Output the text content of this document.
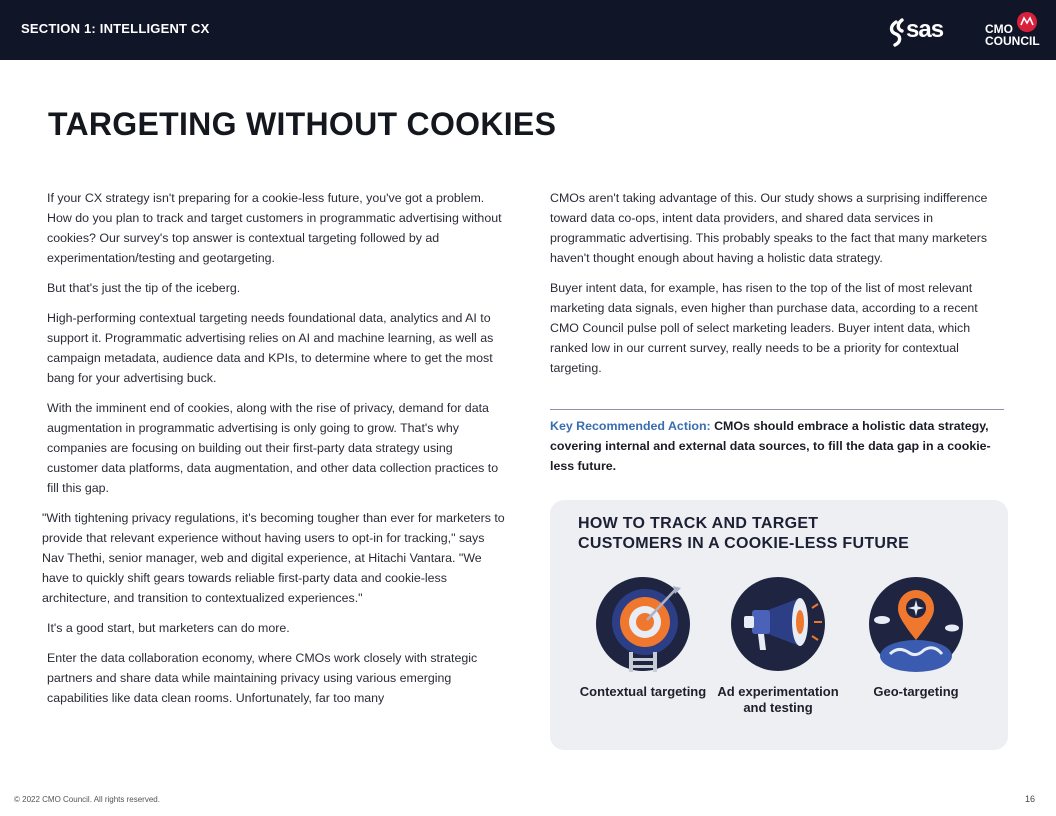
SECTION 1: INTELLIGENT CX	sas	CMO
COUNCIL
TARGETING WITHOUT COOKIES

If your CX strategy isn't preparing for a cookie-less future, you've got a problem. How do you plan to track and target customers in programmatic advertising without cookies? Our survey's top answer is contextual targeting followed by ad experimentation/testing and geotargeting.

But that's just the tip of the iceberg.

High-performing contextual targeting needs foundational data, analytics and AI to support it. Programmatic advertising relies on AI and machine learning, as well as campaign metadata, audience data and KPIs, to determine where to get the most bang for your advertising buck.

With the imminent end of cookies, along with the rise of privacy, demand for data augmentation in programmatic advertising is only going to grow. That's why companies are focusing on building out their first-party data strategy using customer data platforms, data augmentation, and other data collection practices to fill this gap.

"With tightening privacy regulations, it's becoming tougher than ever for marketers to provide that relevant experience without having users to opt-in for tracking," says Nav Thethi, senior manager, web and digital experience, at Hitachi Vantara. "We have to quickly shift gears towards reliable first-party data and cookie-less architecture, and transition to contextualized experiences."

It's a good start, but marketers can do more.

Enter the data collaboration economy, where CMOs work closely with strategic partners and share data while maintaining privacy using various emerging capabilities like data clean rooms. Unfortunately, far too many

CMOs aren't taking advantage of this. Our study shows a surprising indifference toward data co-ops, intent data providers, and shared data services in programmatic advertising. This probably speaks to the fact that many marketers haven't thought enough about having a holistic data strategy.

Buyer intent data, for example, has risen to the top of the list of most relevant marketing data signals, even higher than purchase data, according to a recent CMO Council pulse poll of select marketing leaders. Buyer intent data, which ranked low in our current survey, really needs to be a priority for contextual targeting.

Key Recommended Action: CMOs should embrace a holistic data strategy, covering internal and external data sources, to fill the data gap in a cookie-less future.
HOW TO TRACK AND TARGET
CUSTOMERS IN A COOKIE-LESS FUTURE
Contextual targeting Ad experimentation and testing
Geo-targeting
© 2022 CMO Council. All rights reserved.	16
